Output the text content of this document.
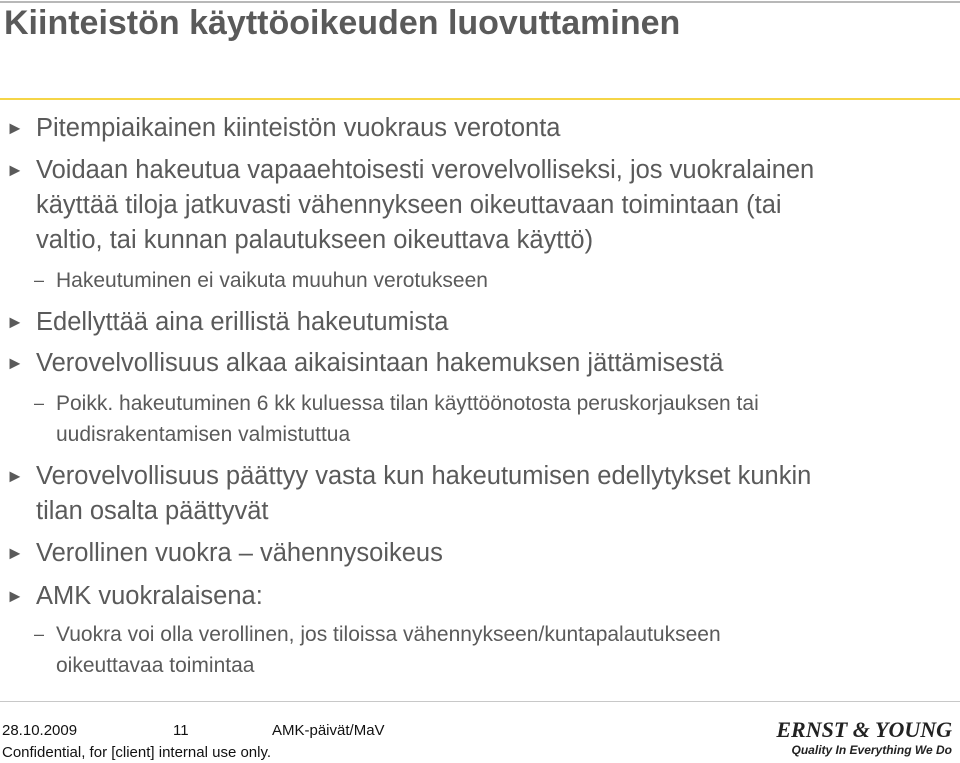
Kiinteistön käyttöoikeuden luovuttaminen
► Pitempiaikainen kiinteistön vuokraus verotonta
► Voidaan hakeutua vapaaehtoisesti verovelvolliseksi, jos vuokralainen
käyttää tiloja jatkuvasti vähennykseen oikeuttavaan toimintaan (tai
valtio, tai kunnan palautukseen oikeuttava käyttö)
– Hakeutuminen ei vaikuta muuhun verotukseen
► Edellyttää aina erillistä hakeutumista
► Verovelvollisuus alkaa aikaisintaan hakemuksen jättämisestä
– Poikk. hakeutuminen 6 kk kuluessa tilan käyttöönotosta peruskorjauksen tai
uudisrakentamisen valmistuttua
► Verovelvollisuus päättyy vasta kun hakeutumisen edellytykset kunkin
tilan osalta päättyvät
► Verollinen vuokra – vähennysoikeus
► AMK vuokralaisena:
– Vuokra voi olla verollinen, jos tiloissa vähennykseen/kuntapalautukseen
oikeuttavaa toimintaa
28.10.2009	11	AMK-päivät/MaV
Confidential, for [client] internal use only.
ERNST & YOUNG
Quality In Everything We Do
